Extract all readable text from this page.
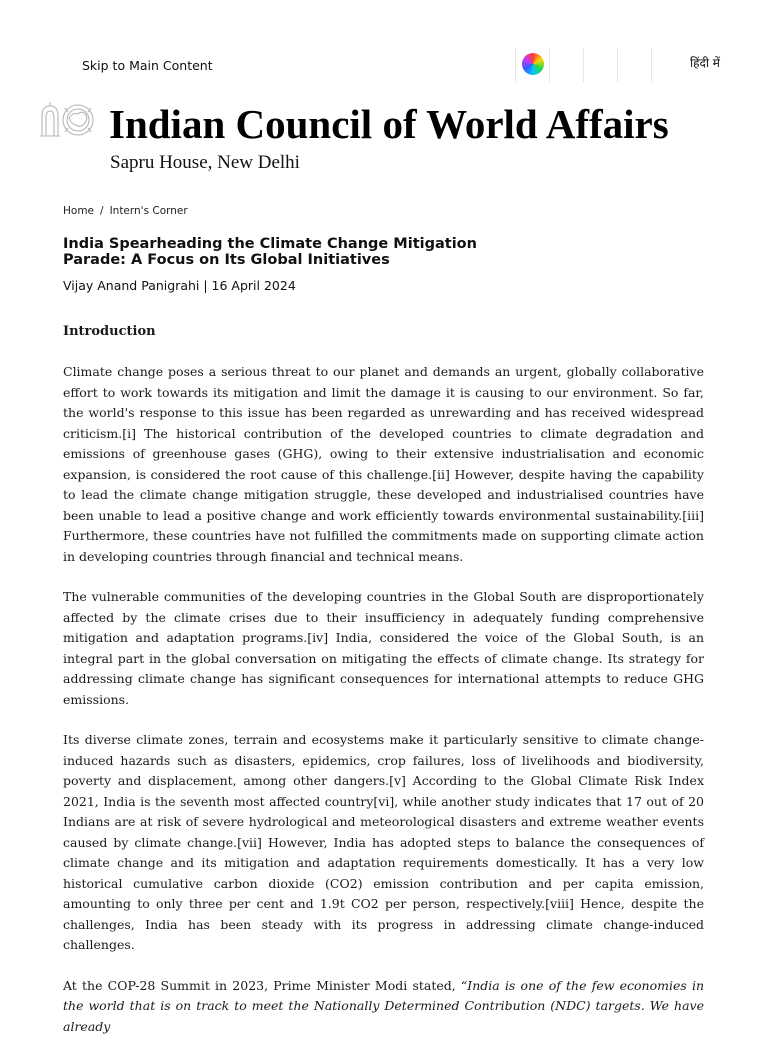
Skip to Main Content	हिंदी में
Indian Council of World Affairs
Sapru House, New Delhi
Home / Intern's Corner
India Spearheading the Climate Change Mitigation Parade: A Focus on Its Global Initiatives
Vijay Anand Panigrahi | 16 April 2024
Introduction

Climate change poses a serious threat to our planet and demands an urgent, globally collaborative effort to work towards its mitigation and limit the damage it is causing to our environment. So far, the world's response to this issue has been regarded as unrewarding and has received widespread criticism.[i] The historical contribution of the developed countries to climate degradation and emissions of greenhouse gases (GHG), owing to their extensive industrialisation and economic expansion, is considered the root cause of this challenge.[ii] However, despite having the capability to lead the climate change mitigation struggle, these developed and industrialised countries have been unable to lead a positive change and work efficiently towards environmental sustainability.[iii] Furthermore, these countries have not fulfilled the commitments made on supporting climate action in developing countries through financial and technical means.

The vulnerable communities of the developing countries in the Global South are disproportionately affected by the climate crises due to their insufficiency in adequately funding comprehensive mitigation and adaptation programs.[iv] India, considered the voice of the Global South, is an integral part in the global conversation on mitigating the effects of climate change. Its strategy for addressing climate change has significant consequences for international attempts to reduce GHG emissions.

Its diverse climate zones, terrain and ecosystems make it particularly sensitive to climate change-induced hazards such as disasters, epidemics, crop failures, loss of livelihoods and biodiversity, poverty and displacement, among other dangers.[v] According to the Global Climate Risk Index 2021, India is the seventh most affected country[vi], while another study indicates that 17 out of 20 Indians are at risk of severe hydrological and meteorological disasters and extreme weather events caused by climate change.[vii] However, India has adopted steps to balance the consequences of climate change and its mitigation and adaptation requirements domestically. It has a very low historical cumulative carbon dioxide (CO2) emission contribution and per capita emission, amounting to only three per cent and 1.9t CO2 per person, respectively.[viii] Hence, despite the challenges, India has been steady with its progress in addressing climate change-induced challenges.

At the COP-28 Summit in 2023, Prime Minister Modi stated, “India is one of the few economies in the world that is on track to meet the Nationally Determined Contribution (NDC) targets. We have already
